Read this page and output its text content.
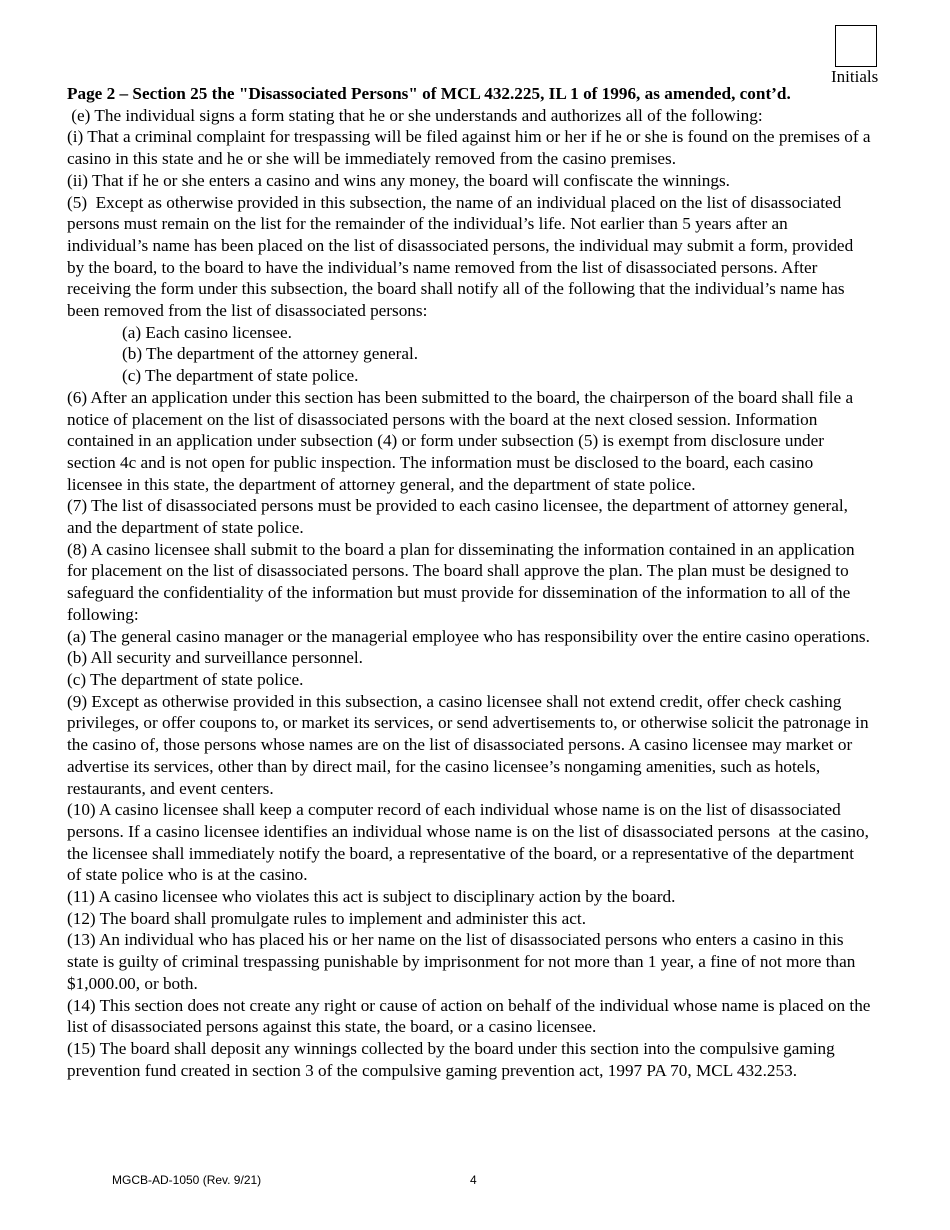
Initials

Page 2 – Section 25 the "Disassociated Persons" of MCL 432.225, IL 1 of 1996, as amended, cont’d.

(e) The individual signs a form stating that he or she understands and authorizes all of the following:

(i) That a criminal complaint for trespassing will be filed against him or her if he or she is found on the premises of a casino in this state and he or she will be immediately removed from the casino premises.

(ii) That if he or she enters a casino and wins any money, the board will confiscate the winnings.

(5)  Except as otherwise provided in this subsection, the name of an individual placed on the list of disassociated persons must remain on the list for the remainder of the individual’s life. Not earlier than 5 years after an individual’s name has been placed on the list of disassociated persons, the individual may submit a form, provided by the board, to the board to have the individual’s name removed from the list of disassociated persons. After receiving the form under this subsection, the board shall notify all of the following that the individual’s name has been removed from the list of disassociated persons:

(a) Each casino licensee.

(b) The department of the attorney general.

(c) The department of state police.

(6) After an application under this section has been submitted to the board, the chairperson of the board shall file a notice of placement on the list of disassociated persons with the board at the next closed session. Information contained in an application under subsection (4) or form under subsection (5) is exempt from disclosure under section 4c and is not open for public inspection. The information must be disclosed to the board, each casino licensee in this state, the department of attorney general, and the department of state police.

(7) The list of disassociated persons must be provided to each casino licensee, the department of attorney general, and the department of state police.

(8) A casino licensee shall submit to the board a plan for disseminating the information contained in an application for placement on the list of disassociated persons. The board shall approve the plan. The plan must be designed to safeguard the confidentiality of the information but must provide for dissemination of the information to all of the following:

(a) The general casino manager or the managerial employee who has responsibility over the entire casino operations.

(b) All security and surveillance personnel.

(c) The department of state police.

(9) Except as otherwise provided in this subsection, a casino licensee shall not extend credit, offer check cashing privileges, or offer coupons to, or market its services, or send advertisements to, or otherwise solicit the patronage in the casino of, those persons whose names are on the list of disassociated persons. A casino licensee may market or advertise its services, other than by direct mail, for the casino licensee’s nongaming amenities, such as hotels, restaurants, and event centers.

(10) A casino licensee shall keep a computer record of each individual whose name is on the list of disassociated persons. If a casino licensee identifies an individual whose name is on the list of disassociated persons  at the casino, the licensee shall immediately notify the board, a representative of the board, or a representative of the department of state police who is at the casino.

(11) A casino licensee who violates this act is subject to disciplinary action by the board.

(12) The board shall promulgate rules to implement and administer this act.

(13) An individual who has placed his or her name on the list of disassociated persons who enters a casino in this state is guilty of criminal trespassing punishable by imprisonment for not more than 1 year, a fine of not more than $1,000.00, or both.

(14) This section does not create any right or cause of action on behalf of the individual whose name is placed on the list of disassociated persons against this state, the board, or a casino licensee.

(15) The board shall deposit any winnings collected by the board under this section into the compulsive gaming prevention fund created in section 3 of the compulsive gaming prevention act, 1997 PA 70, MCL 432.253.

MGCB-AD-1050 (Rev. 9/21)	4
